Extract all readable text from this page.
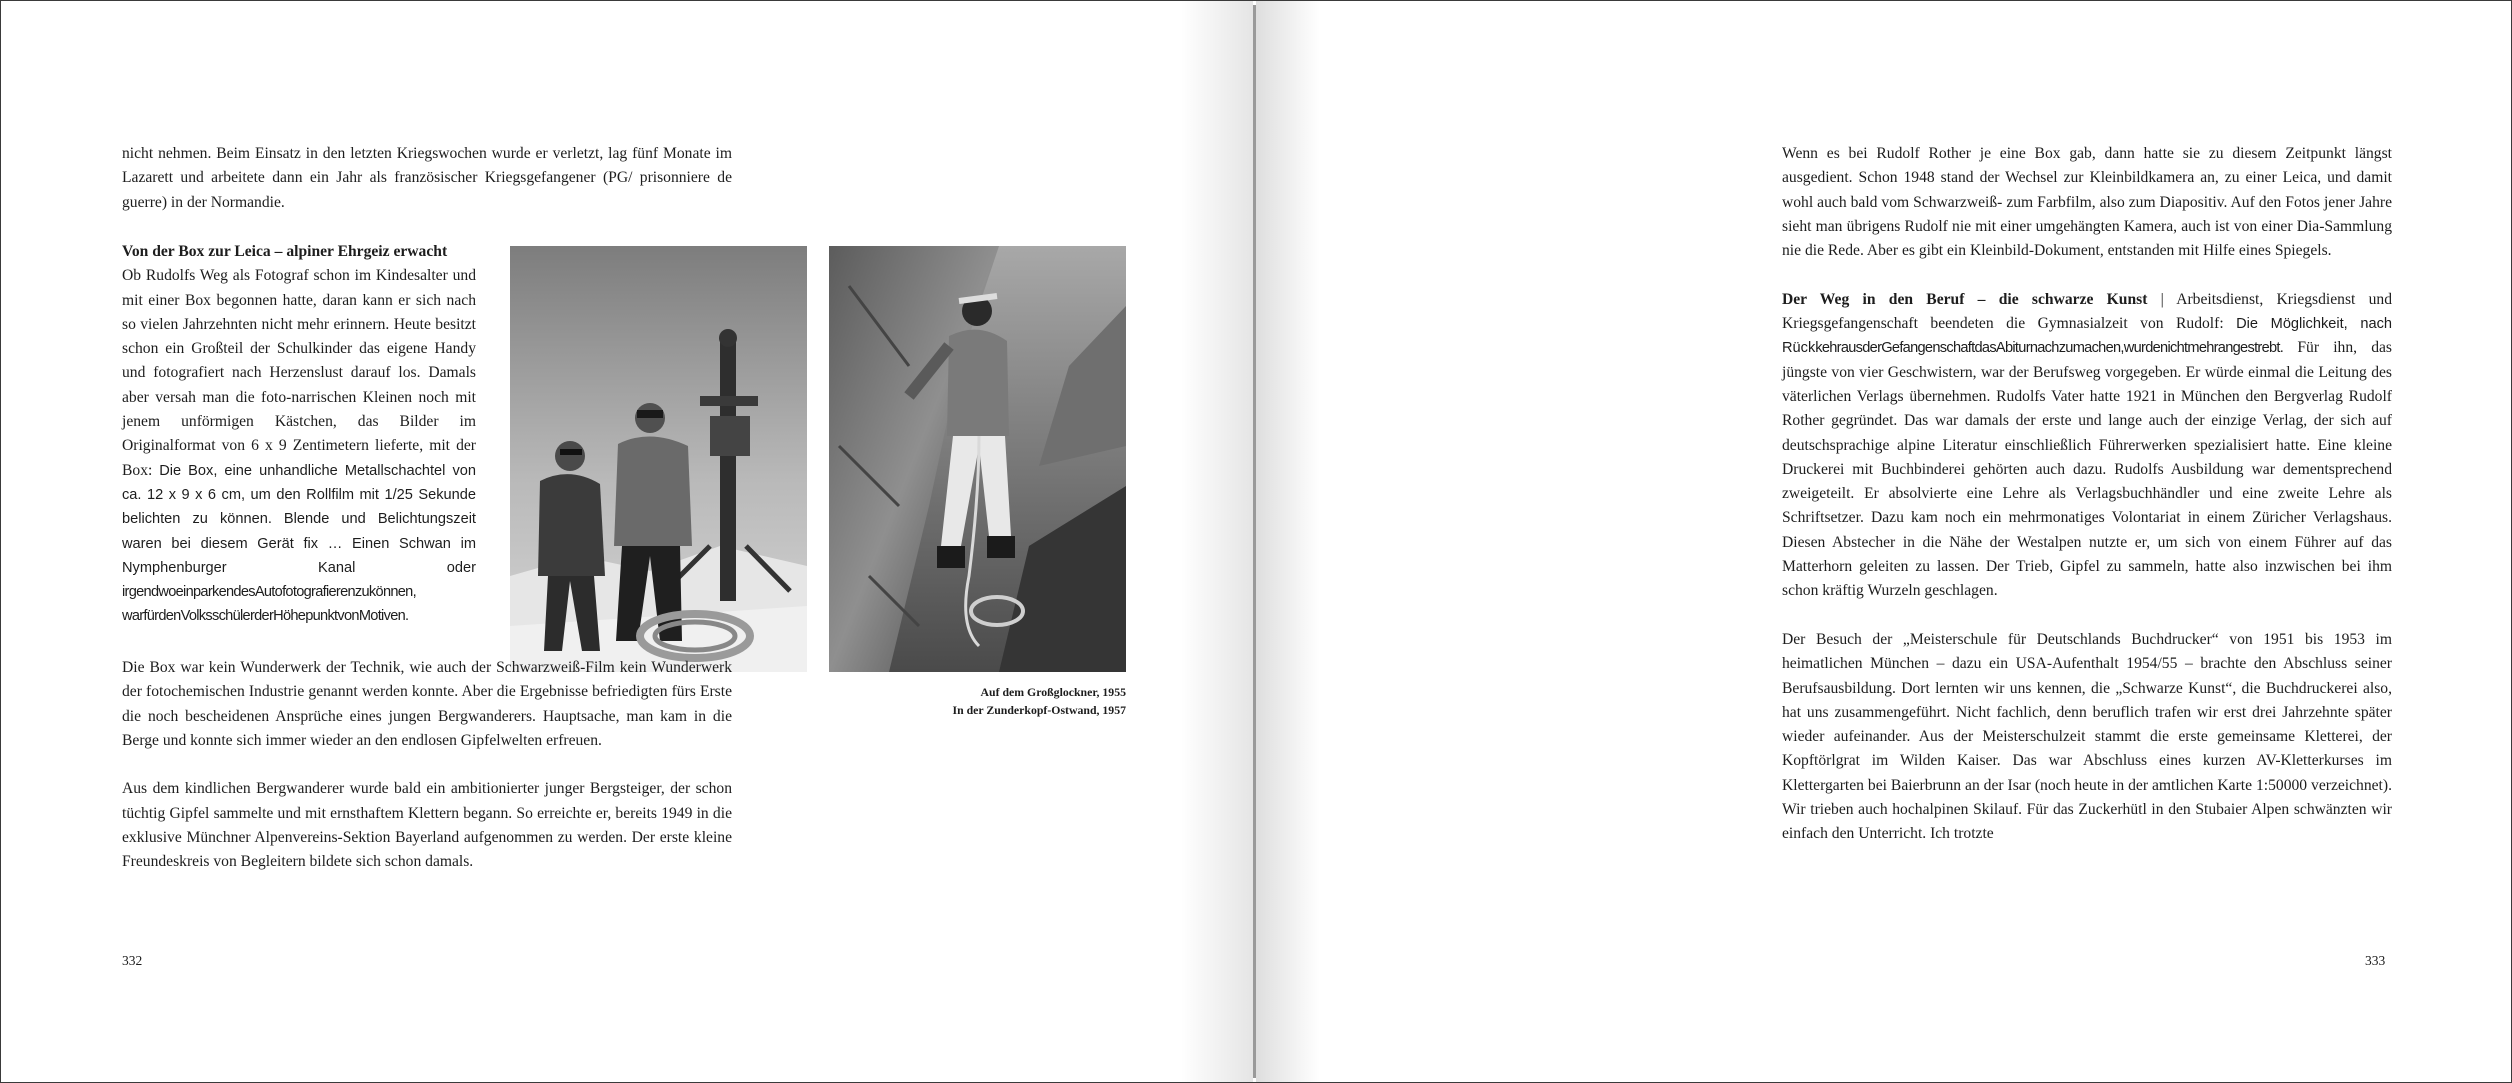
nicht nehmen. Beim Einsatz in den letzten Kriegswochen wurde er verletzt, lag fünf Monate im Lazarett und arbeitete dann ein Jahr als französischer Kriegsgefangener (PG/ prisonniere de guerre) in der Normandie.

Von der Box zur Leica – alpiner Ehrgeiz erwacht
Ob Rudolfs Weg als Fotograf schon im Kindesalter und mit einer Box begonnen hatte, daran kann er sich nach so vielen Jahrzehnten nicht mehr erinnern. Heute besitzt schon ein Großteil der Schulkinder das eigene Handy und fotografiert nach Herzenslust darauf los. Damals aber versah man die foto-narrischen Kleinen noch mit jenem unförmigen Kästchen, das Bilder im Originalformat von 6 x 9 Zentimetern lieferte, mit der Box: Die Box, eine unhandliche Metallschachtel von ca. 12 x 9 x 6 cm, um den Rollfilm mit 1/25 Sekunde belichten zu können. Blende und Belichtungszeit waren bei diesem Gerät fix … Einen Schwan im Nymphenburger Kanal oder irgendwoeinparkendesAutofotografierenzukönnen, warfürdenVolksschülerderHöhepunktvonMotiven.

Auf dem Großglockner, 1955
In der Zunderkopf-Ostwand, 1957

Die Box war kein Wunderwerk der Technik, wie auch der Schwarzweiß-Film kein Wunderwerk der fotochemischen Industrie genannt werden konnte. Aber die Ergebnisse befriedigten fürs Erste die noch bescheidenen Ansprüche eines jungen Bergwanderers. Hauptsache, man kam in die Berge und konnte sich immer wieder an den endlosen Gipfelwelten erfreuen.

Aus dem kindlichen Bergwanderer wurde bald ein ambitionierter junger Bergsteiger, der schon tüchtig Gipfel sammelte und mit ernsthaftem Klettern begann. So erreichte er, bereits 1949 in die exklusive Münchner Alpenvereins-Sektion Bayerland aufgenommen zu werden. Der erste kleine Freundeskreis von Begleitern bildete sich schon damals.

332

Wenn es bei Rudolf Rother je eine Box gab, dann hatte sie zu diesem Zeitpunkt längst ausgedient. Schon 1948 stand der Wechsel zur Kleinbildkamera an, zu einer Leica, und damit wohl auch bald vom Schwarzweiß- zum Farbfilm, also zum Diapositiv. Auf den Fotos jener Jahre sieht man übrigens Rudolf nie mit einer umgehängten Kamera, auch ist von einer Dia-Sammlung nie die Rede. Aber es gibt ein Kleinbild-Dokument, entstanden mit Hilfe eines Spiegels.

Der Weg in den Beruf – die schwarze Kunst | Arbeitsdienst, Kriegsdienst und Kriegsgefangenschaft beendeten die Gymnasialzeit von Rudolf: Die Möglichkeit, nach RückkehrausderGefangenschaftdasAbiturnachzumachen,wurdenichtmehrangestrebt. Für ihn, das jüngste von vier Geschwistern, war der Berufsweg vorgegeben. Er würde einmal die Leitung des väterlichen Verlags übernehmen. Rudolfs Vater hatte 1921 in München den Bergverlag Rudolf Rother gegründet. Das war damals der erste und lange auch der einzige Verlag, der sich auf deutschsprachige alpine Literatur einschließlich Führerwerken spezialisiert hatte. Eine kleine Druckerei mit Buchbinderei gehörten auch dazu. Rudolfs Ausbildung war dementsprechend zweigeteilt. Er absolvierte eine Lehre als Verlagsbuchhändler und eine zweite Lehre als Schriftsetzer. Dazu kam noch ein mehrmonatiges Volontariat in einem Züricher Verlagshaus. Diesen Abstecher in die Nähe der Westalpen nutzte er, um sich von einem Führer auf das Matterhorn geleiten zu lassen. Der Trieb, Gipfel zu sammeln, hatte also inzwischen bei ihm schon kräftig Wurzeln geschlagen.

Der Besuch der „Meisterschule für Deutschlands Buchdrucker“ von 1951 bis 1953 im heimatlichen München – dazu ein USA-Aufenthalt 1954/55 – brachte den Abschluss seiner Berufsausbildung. Dort lernten wir uns kennen, die „Schwarze Kunst“, die Buchdruckerei also, hat uns zusammengeführt. Nicht fachlich, denn beruflich trafen wir erst drei Jahrzehnte später wieder aufeinander. Aus der Meisterschulzeit stammt die erste gemeinsame Kletterei, der Kopftörlgrat im Wilden Kaiser. Das war Abschluss eines kurzen AV-Kletterkurses im Klettergarten bei Baierbrunn an der Isar (noch heute in der amtlichen Karte 1:50000 verzeichnet). Wir trieben auch hochalpinen Skilauf. Für das Zuckerhütl in den Stubaier Alpen schwänzten wir einfach den Unterricht. Ich trotzte

333
